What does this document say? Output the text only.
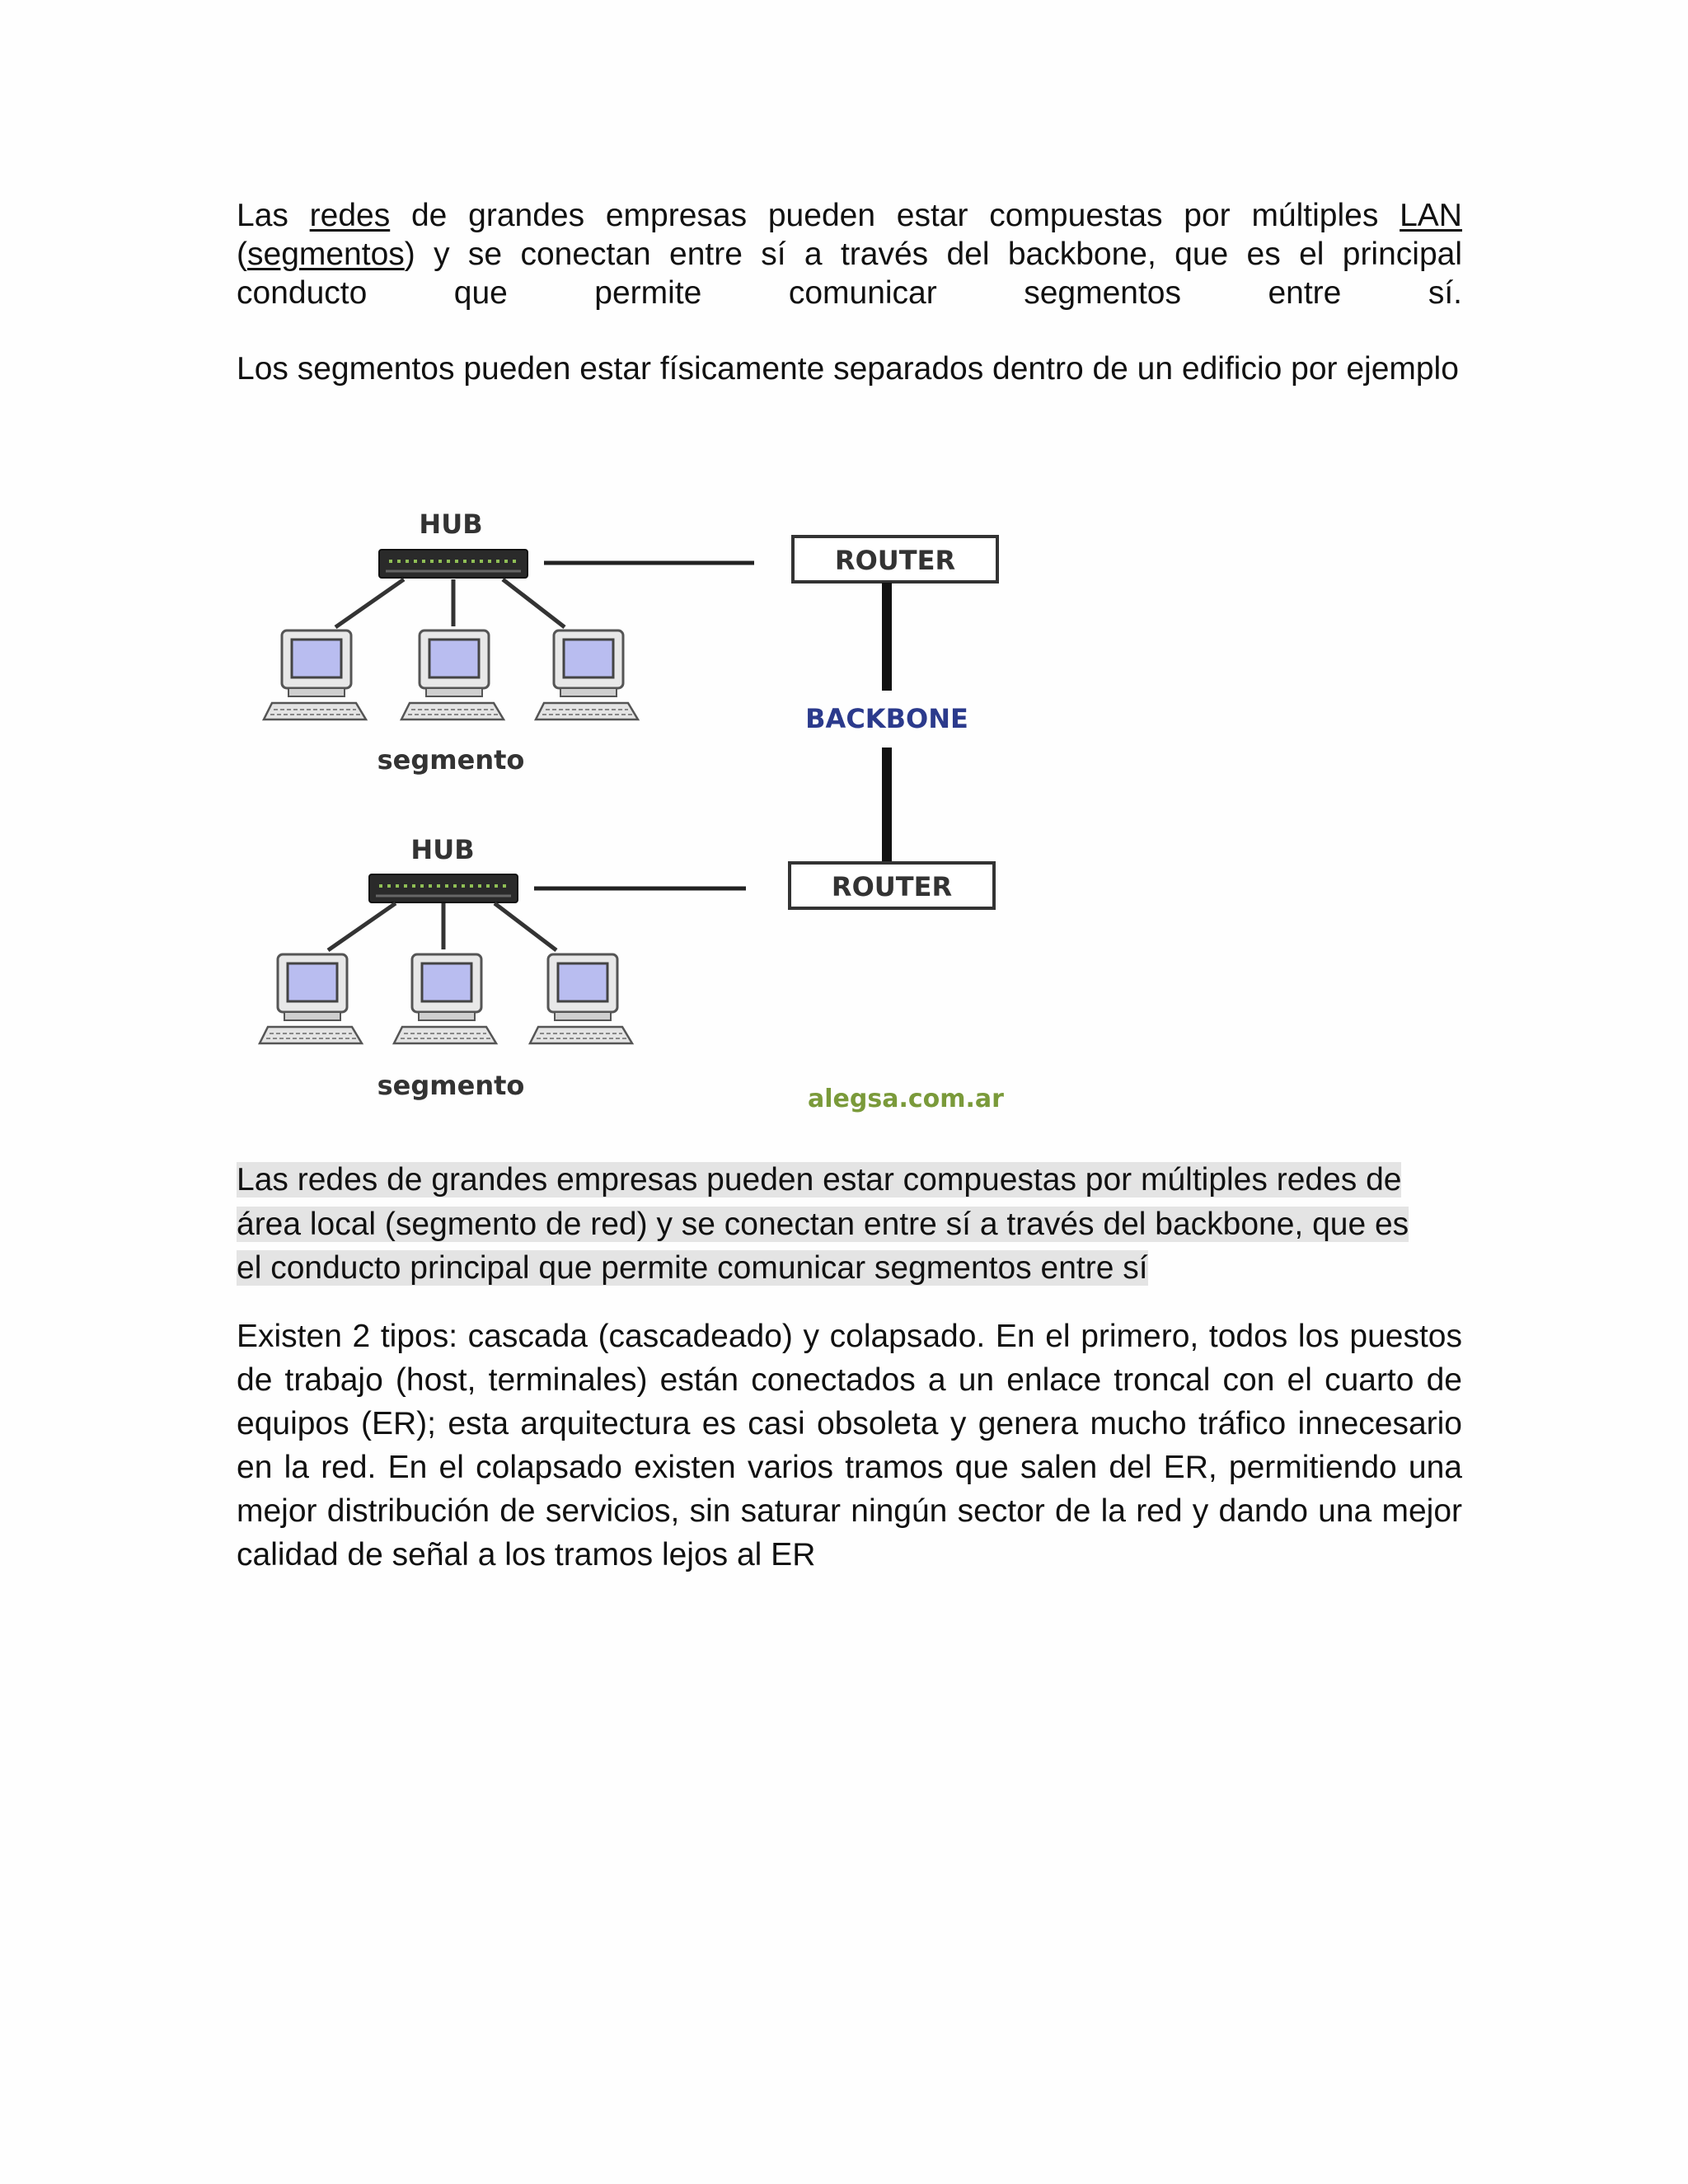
Las redes de grandes empresas pueden estar compuestas por múltiples LAN (segmentos) y se conectan entre sí a través del backbone, que es el principal conducto que permite comunicar segmentos entre sí.

Los segmentos pueden estar físicamente separados dentro de un edificio por ejemplo

HUB
segmento
ROUTER
BACKBONE
ROUTER
HUB
segmento	alegsa.com.ar

Las redes de grandes empresas pueden estar compuestas por múltiples redes de
área local (segmento de red) y se conectan entre sí a través del backbone, que es
el conducto principal que permite comunicar segmentos entre sí

Existen 2 tipos: cascada (cascadeado) y colapsado. En el primero, todos los puestos de trabajo (host, terminales) están conectados a un enlace troncal con el cuarto de equipos (ER); esta arquitectura es casi obsoleta y genera mucho tráfico innecesario en la red. En el colapsado existen varios tramos que salen del ER, permitiendo una mejor distribución de servicios, sin saturar ningún sector de la red y dando una mejor calidad de señal a los tramos lejos al ER
